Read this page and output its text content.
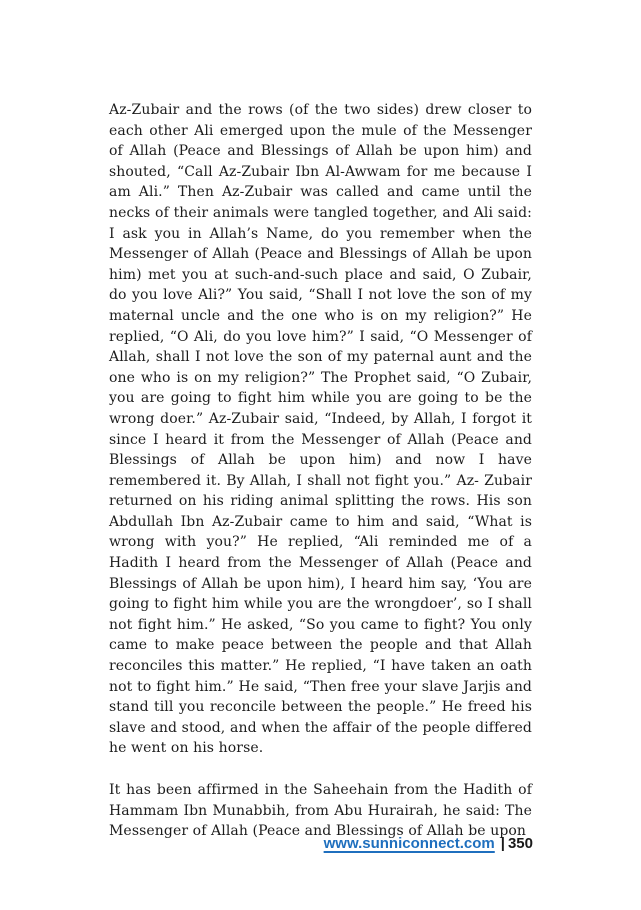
Az-Zubair and the rows (of the two sides) drew closer to each other Ali emerged upon the mule of the Messenger of Allah (Peace and Blessings of Allah be upon him) and shouted, “Call Az-Zubair Ibn Al-Awwam for me because I am Ali.” Then Az-Zubair was called and came until the necks of their animals were tangled together, and Ali said: I ask you in Allah’s Name, do you remember when the Messenger of Allah (Peace and Blessings of Allah be upon him) met you at such-and-such place and said, O Zubair, do you love Ali?” You said, “Shall I not love the son of my maternal uncle and the one who is on my religion?” He replied, “O Ali, do you love him?” I said, “O Messenger of Allah, shall I not love the son of my paternal aunt and the one who is on my religion?” The Prophet said, “O Zubair, you are going to fight him while you are going to be the wrong doer.” Az-Zubair said, “Indeed, by Allah, I forgot it since I heard it from the Messenger of Allah (Peace and Blessings of Allah be upon him) and now I have remembered it. By Allah, I shall not fight you.” Az- Zubair returned on his riding animal splitting the rows. His son Abdullah Ibn Az-Zubair came to him and said, “What is wrong with you?” He replied, “Ali reminded me of a Hadith I heard from the Messenger of Allah (Peace and Blessings of Allah be upon him), I heard him say, ‘You are going to fight him while you are the wrongdoer’, so I shall not fight him.” He asked, “So you came to fight? You only came to make peace between the people and that Allah reconciles this matter.” He replied, “I have taken an oath not to fight him.” He said, “Then free your slave Jarjis and stand till you reconcile between the people.” He freed his slave and stood, and when the affair of the people differed he went on his horse.

It has been affirmed in the Saheehain from the Hadith of Hammam Ibn Munabbih, from Abu Hurairah, he said: The Messenger of Allah (Peace and Blessings of Allah be upon

www.sunniconnect.com | 350
